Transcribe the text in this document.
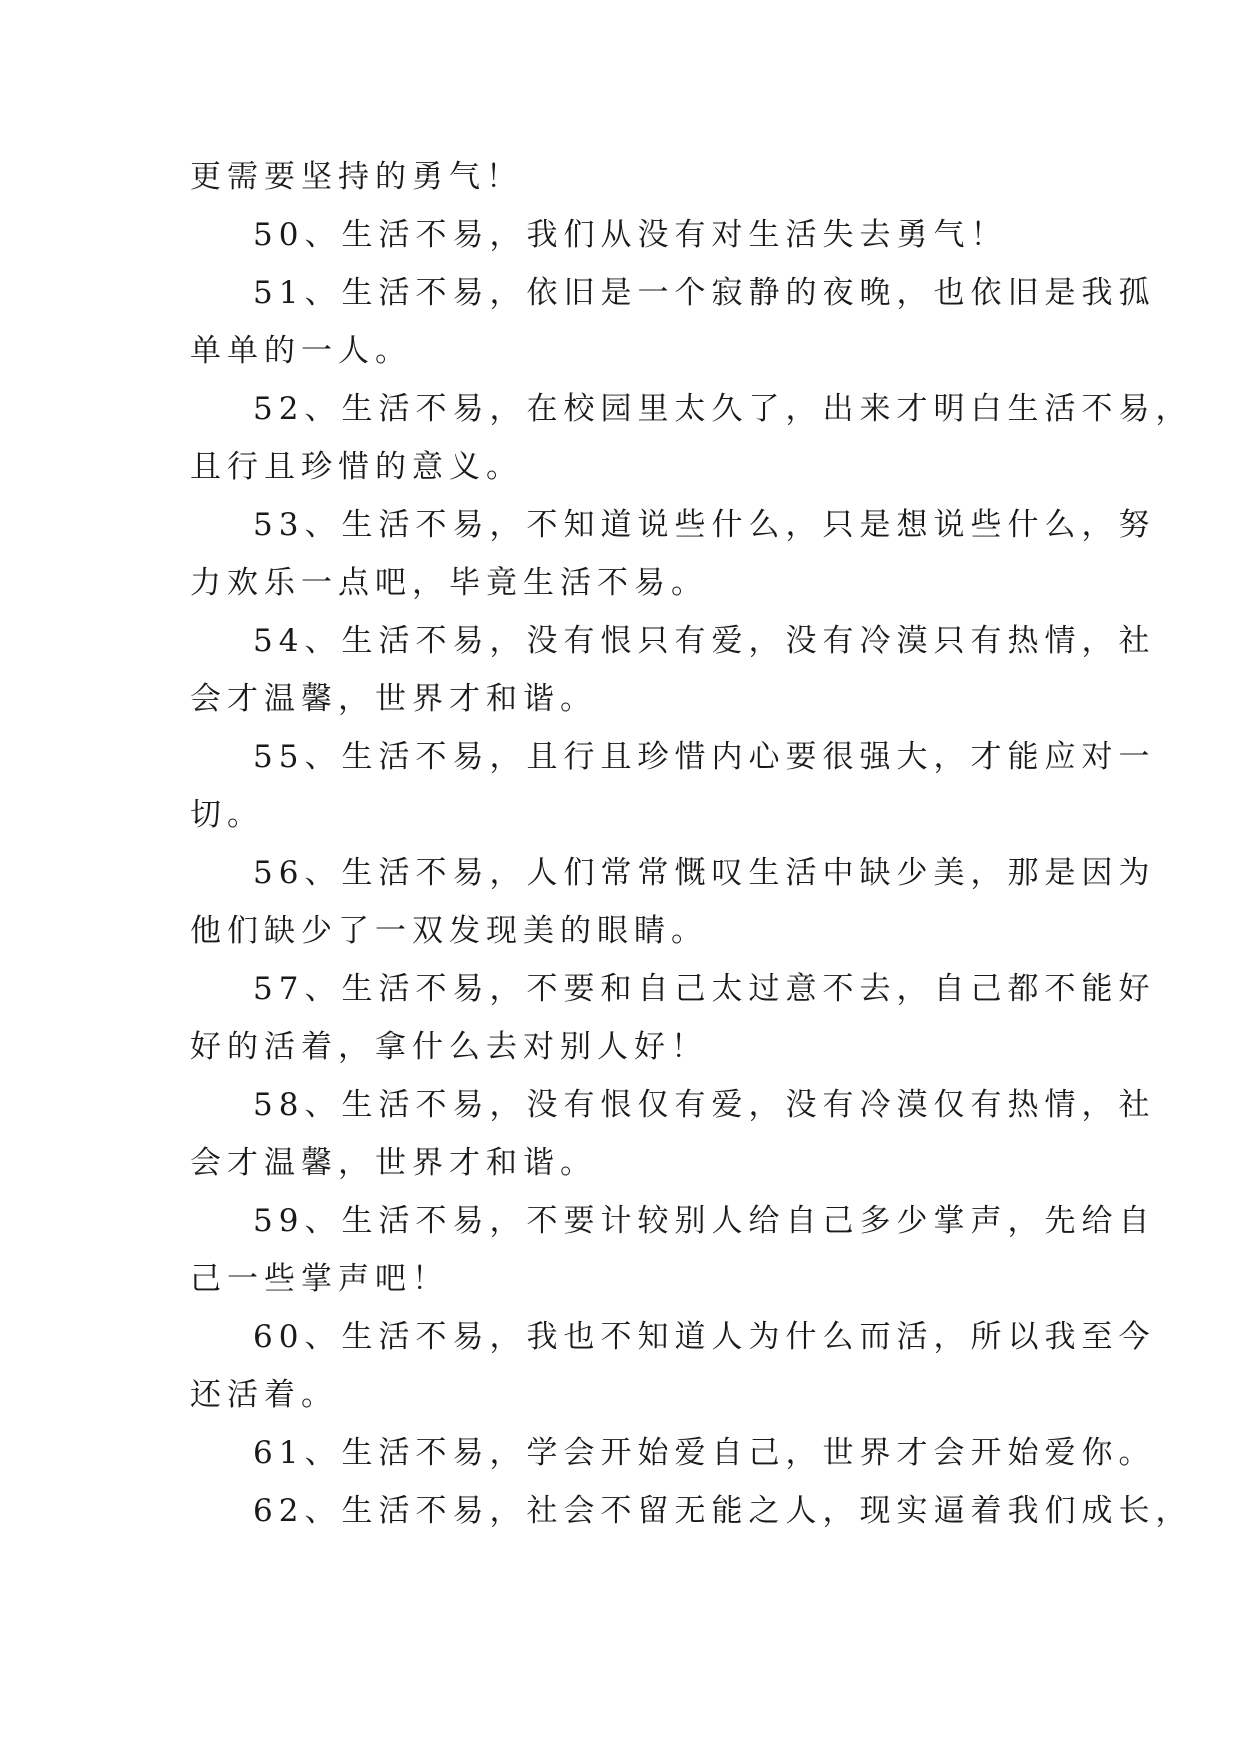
更需要坚持的勇气！
50、生活不易，我们从没有对生活失去勇气！
51、生活不易，依旧是一个寂静的夜晚，也依旧是我孤
单单的一人。
52、生活不易，在校园里太久了，出来才明白生活不易，
且行且珍惜的意义。
53、生活不易，不知道说些什么，只是想说些什么，努
力欢乐一点吧，毕竟生活不易。
54、生活不易，没有恨只有爱，没有冷漠只有热情，社
会才温馨，世界才和谐。
55、生活不易，且行且珍惜内心要很强大，才能应对一
切。
56、生活不易，人们常常慨叹生活中缺少美，那是因为
他们缺少了一双发现美的眼睛。
57、生活不易，不要和自己太过意不去，自己都不能好
好的活着，拿什么去对别人好！
58、生活不易，没有恨仅有爱，没有冷漠仅有热情，社
会才温馨，世界才和谐。
59、生活不易，不要计较别人给自己多少掌声，先给自
己一些掌声吧！
60、生活不易，我也不知道人为什么而活，所以我至今
还活着。
61、生活不易，学会开始爱自己，世界才会开始爱你。
62、生活不易，社会不留无能之人，现实逼着我们成长，
